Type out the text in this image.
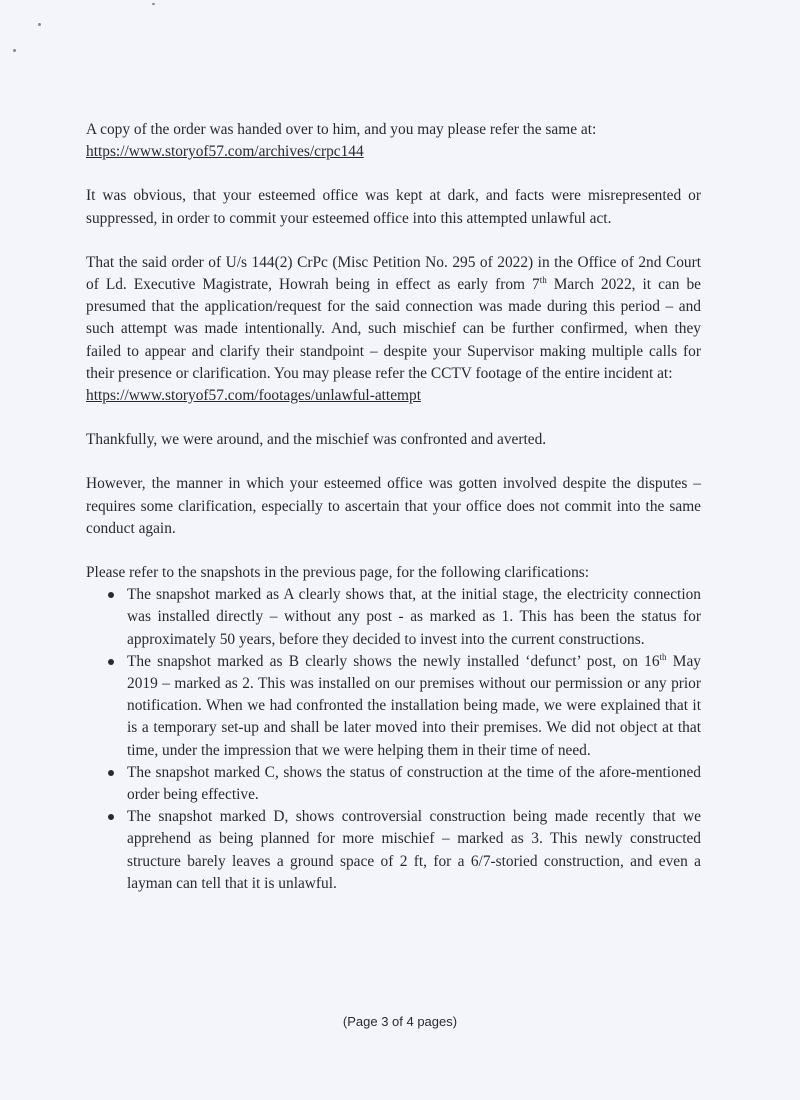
A copy of the order was handed over to him, and you may please refer the same at:
https://www.storyof57.com/archives/crpc144

It was obvious, that your esteemed office was kept at dark, and facts were misrepresented or suppressed, in order to commit your esteemed office into this attempted unlawful act.

That the said order of U/s 144(2) CrPc (Misc Petition No. 295 of 2022) in the Office of 2nd Court of Ld. Executive Magistrate, Howrah being in effect as early from 7th March 2022, it can be presumed that the application/request for the said connection was made during this period – and such attempt was made intentionally. And, such mischief can be further confirmed, when they failed to appear and clarify their standpoint – despite your Supervisor making multiple calls for their presence or clarification. You may please refer the CCTV footage of the entire incident at:
https://www.storyof57.com/footages/unlawful-attempt

Thankfully, we were around, and the mischief was confronted and averted.

However, the manner in which your esteemed office was gotten involved despite the disputes – requires some clarification, especially to ascertain that your office does not commit into the same conduct again.

Please refer to the snapshots in the previous page, for the following clarifications:

The snapshot marked as A clearly shows that, at the initial stage, the electricity connection was installed directly – without any post - as marked as 1. This has been the status for approximately 50 years, before they decided to invest into the current constructions.
The snapshot marked as B clearly shows the newly installed ‘defunct’ post, on 16th May 2019 – marked as 2. This was installed on our premises without our permission or any prior notification. When we had confronted the installation being made, we were explained that it is a temporary set-up and shall be later moved into their premises. We did not object at that time, under the impression that we were helping them in their time of need.
The snapshot marked C, shows the status of construction at the time of the afore-mentioned order being effective.
The snapshot marked D, shows controversial construction being made recently that we apprehend as being planned for more mischief – marked as 3. This newly constructed structure barely leaves a ground space of 2 ft, for a 6/7-storied construction, and even a layman can tell that it is unlawful.
(Page 3 of 4 pages)
